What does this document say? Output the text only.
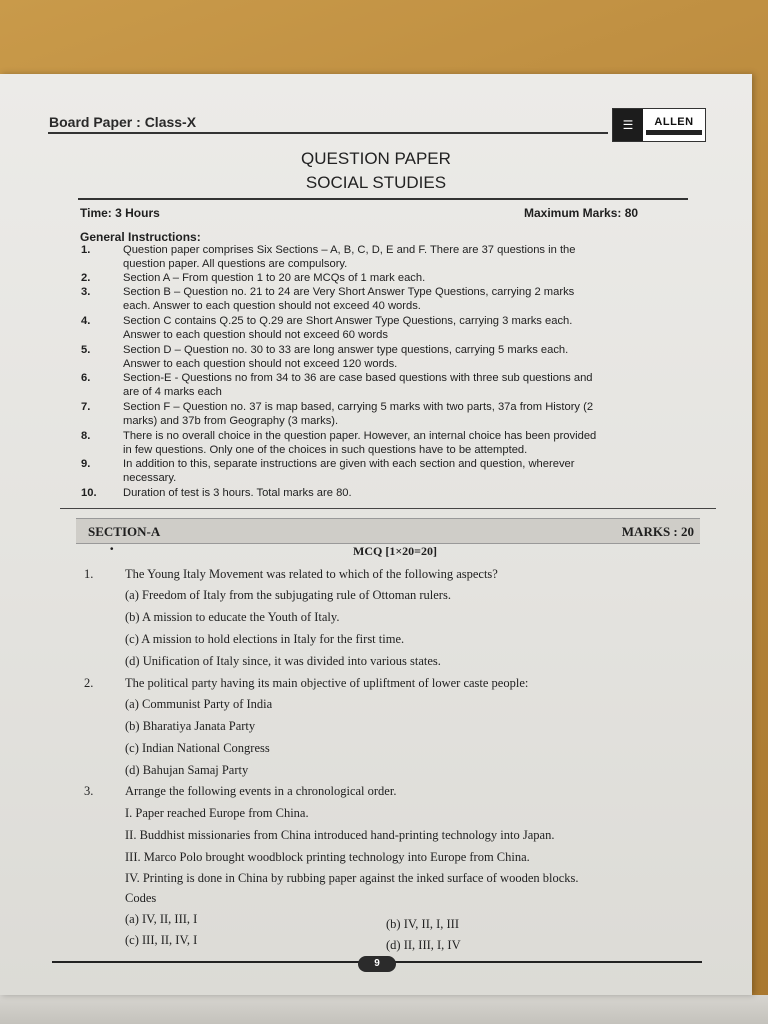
Board Paper : Class-X	☰	ALLEN

QUESTION PAPER
SOCIAL STUDIES
Time: 3 Hours	Maximum Marks: 80
General Instructions:
1.	Question paper comprises Six Sections – A, B, C, D, E and F. There are 37 questions in the
question paper. All questions are compulsory.
2.	Section A – From question 1 to 20 are MCQs of 1 mark each.
3.	Section B – Question no. 21 to 24 are Very Short Answer Type Questions, carrying 2 marks
each. Answer to each question should not exceed 40 words.
4.	Section C contains Q.25 to Q.29 are Short Answer Type Questions, carrying 3 marks each.
Answer to each question should not exceed 60 words
5.	Section D – Question no. 30 to 33 are long answer type questions, carrying 5 marks each.
Answer to each question should not exceed 120 words.
6.	Section-E - Questions no from 34 to 36 are case based questions with three sub questions and
are of 4 marks each
7.	Section F – Question no. 37 is map based, carrying 5 marks with two parts, 37a from History (2
marks) and 37b from Geography (3 marks).
8.	There is no overall choice in the question paper. However, an internal choice has been provided
in few questions. Only one of the choices in such questions have to be attempted.
9.	In addition to this, separate instructions are given with each section and question, wherever
necessary.
10.	Duration of test is 3 hours. Total marks are 80.
SECTION-A	MARKS : 20
•	MCQ [1×20=20]
1.	The Young Italy Movement was related to which of the following aspects?
(a) Freedom of Italy from the subjugating rule of Ottoman rulers.
(b) A mission to educate the Youth of Italy.
(c) A mission to hold elections in Italy for the first time.
(d) Unification of Italy since, it was divided into various states.
2.	The political party having its main objective of upliftment of lower caste people:
(a) Communist Party of India
(b) Bharatiya Janata Party
(c) Indian National Congress
(d) Bahujan Samaj Party
3.	Arrange the following events in a chronological order.
I. Paper reached Europe from China.
II. Buddhist missionaries from China introduced hand-printing technology into Japan.
III. Marco Polo brought woodblock printing technology into Europe from China.
IV. Printing is done in China by rubbing paper against the inked surface of wooden blocks.
Codes
(a) IV, II, III, I	(b) IV, II, I, III
(c) III, II, IV, I	(d) II, III, I, IV
9
